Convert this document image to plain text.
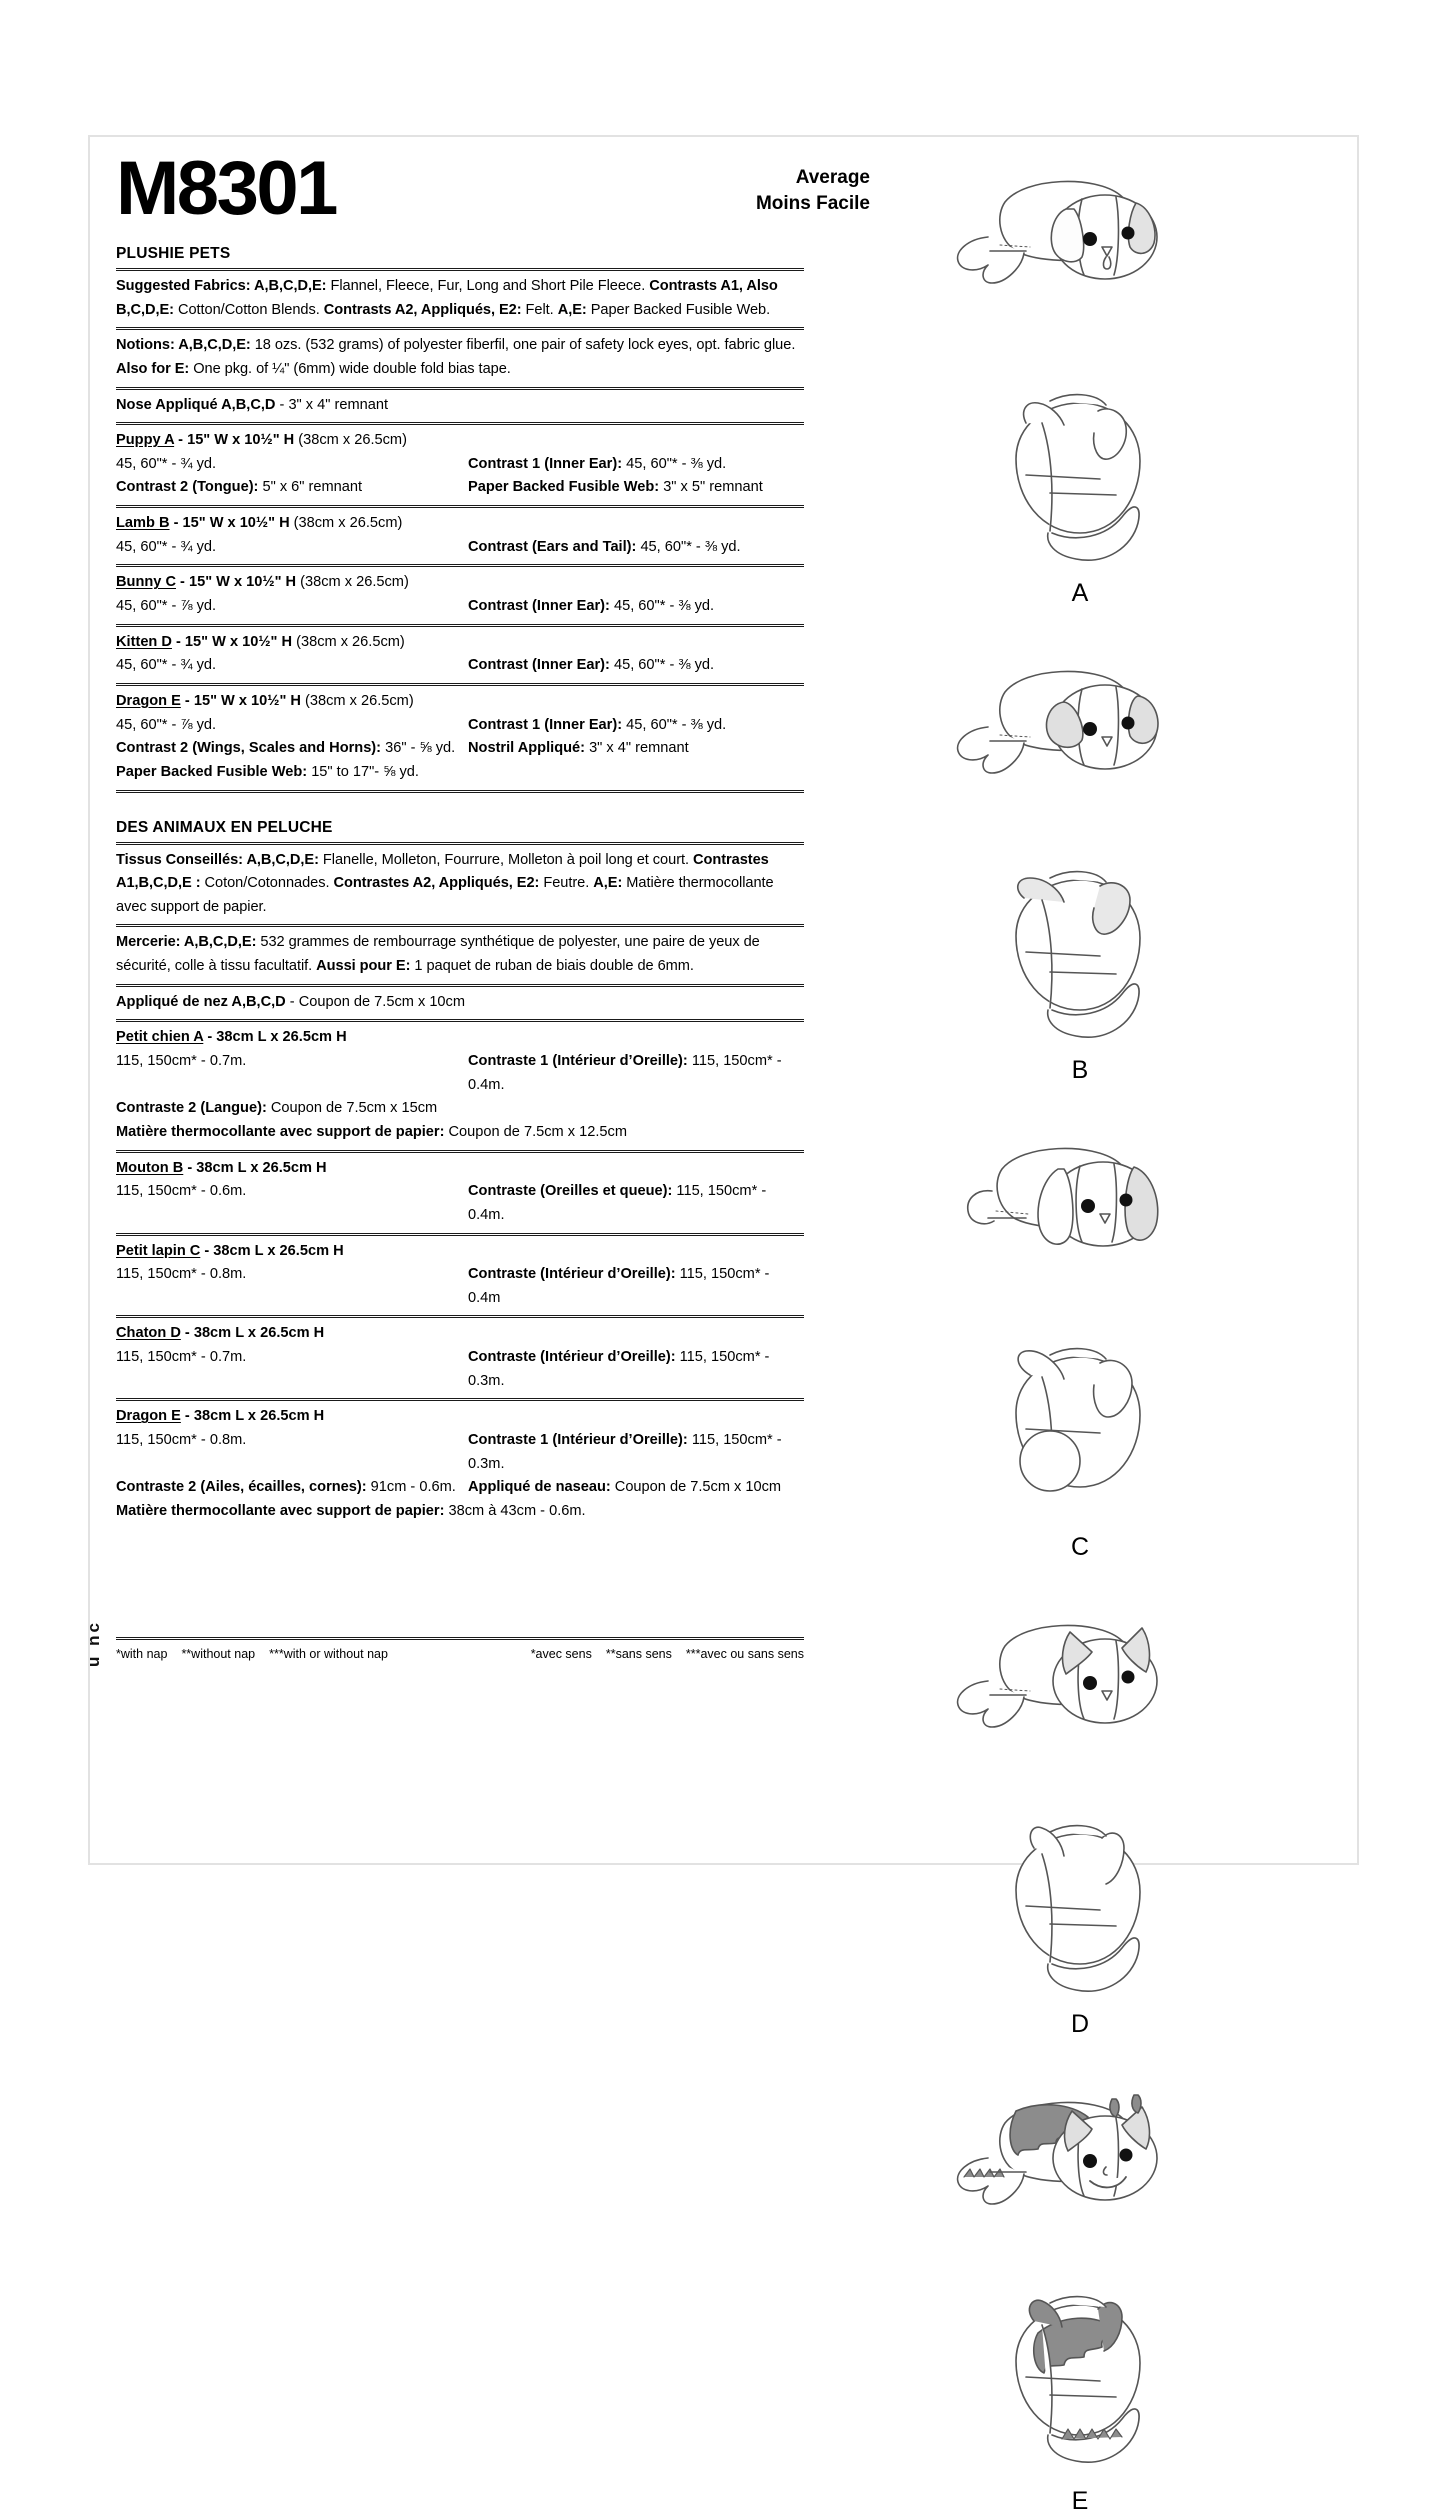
M8301	Average
Moins Facile
PLUSHIE PETS
Suggested Fabrics: A,B,C,D,E: Flannel, Fleece, Fur, Long and Short Pile Fleece. Contrasts A1, Also B,C,D,E: Cotton/Cotton Blends. Contrasts A2, Appliqués, E2: Felt. A,E: Paper Backed Fusible Web.
Notions: A,B,C,D,E: 18 ozs. (532 grams) of polyester fiberfil, one pair of safety lock eyes, opt. fabric glue. Also for E: One pkg. of ¼" (6mm) wide double fold bias tape.
Nose Appliqué A,B,C,D - 3" x 4" remnant
Puppy A - 15" W x 10½" H (38cm x 26.5cm)
45, 60"* - ¾ yd.	Contrast 1 (Inner Ear): 45, 60"* - ⅜ yd.
Contrast 2 (Tongue): 5" x 6" remnant	Paper Backed Fusible Web: 3" x 5" remnant
Lamb B - 15" W x 10½" H (38cm x 26.5cm)
45, 60"* - ¾ yd.	Contrast (Ears and Tail): 45, 60"* - ⅜ yd.
Bunny C - 15" W x 10½" H (38cm x 26.5cm)
45, 60"* - ⅞ yd.	Contrast (Inner Ear): 45, 60"* - ⅜ yd.
Kitten D - 15" W x 10½" H (38cm x 26.5cm)
45, 60"* - ¾ yd.	Contrast (Inner Ear): 45, 60"* - ⅜ yd.
Dragon E - 15" W x 10½" H (38cm x 26.5cm)
45, 60"* - ⅞ yd.	Contrast 1 (Inner Ear): 45, 60"* - ⅜ yd.
Contrast 2 (Wings, Scales and Horns): 36" - ⅝ yd. Nostril Appliqué: 3" x 4" remnant
Paper Backed Fusible Web: 15" to 17"- ⅝ yd.
DES ANIMAUX EN PELUCHE
Tissus Conseillés: A,B,C,D,E: Flanelle, Molleton, Fourrure, Molleton à poil long et court. Contrastes A1,B,C,D,E : Coton/Cotonnades. Contrastes A2, Appliqués, E2: Feutre. A,E: Matière thermocollante avec support de papier.
Mercerie: A,B,C,D,E: 532 grammes de rembourrage synthétique de polyester, une paire de yeux de sécurité, colle à tissu facultatif. Aussi pour E: 1 paquet de ruban de biais double de 6mm.
Appliqué de nez A,B,C,D - Coupon de 7.5cm x 10cm
Petit chien A - 38cm L x 26.5cm H
115, 150cm* - 0.7m.	Contraste 1 (Intérieur d’Oreille): 115, 150cm* - 0.4m.
Contraste 2 (Langue): Coupon de 7.5cm x 15cm
Matière thermocollante avec support de papier: Coupon de 7.5cm x 12.5cm
Mouton B - 38cm L x 26.5cm H
115, 150cm* - 0.6m.	Contraste (Oreilles et queue): 115, 150cm* - 0.4m.
Petit lapin C - 38cm L x 26.5cm H
115, 150cm* - 0.8m.	Contraste (Intérieur d’Oreille): 115, 150cm* - 0.4m
Chaton D - 38cm L x 26.5cm H
115, 150cm* - 0.7m.	Contraste (Intérieur d’Oreille): 115, 150cm* - 0.3m.
Dragon E - 38cm L x 26.5cm H
115, 150cm* - 0.8m.	Contraste 1 (Intérieur d’Oreille): 115, 150cm* - 0.3m.
Contraste 2 (Ailes, écailles, cornes): 91cm - 0.6m. Appliqué de naseau: Coupon de 7.5cm x 10cm
Matière thermocollante avec support de papier: 38cm à 43cm - 0.6m.
*with nap **without nap ***with or without nap	*avec sens **sans sens ***avec ou sans sens
u nc
A
B
C
D
E
